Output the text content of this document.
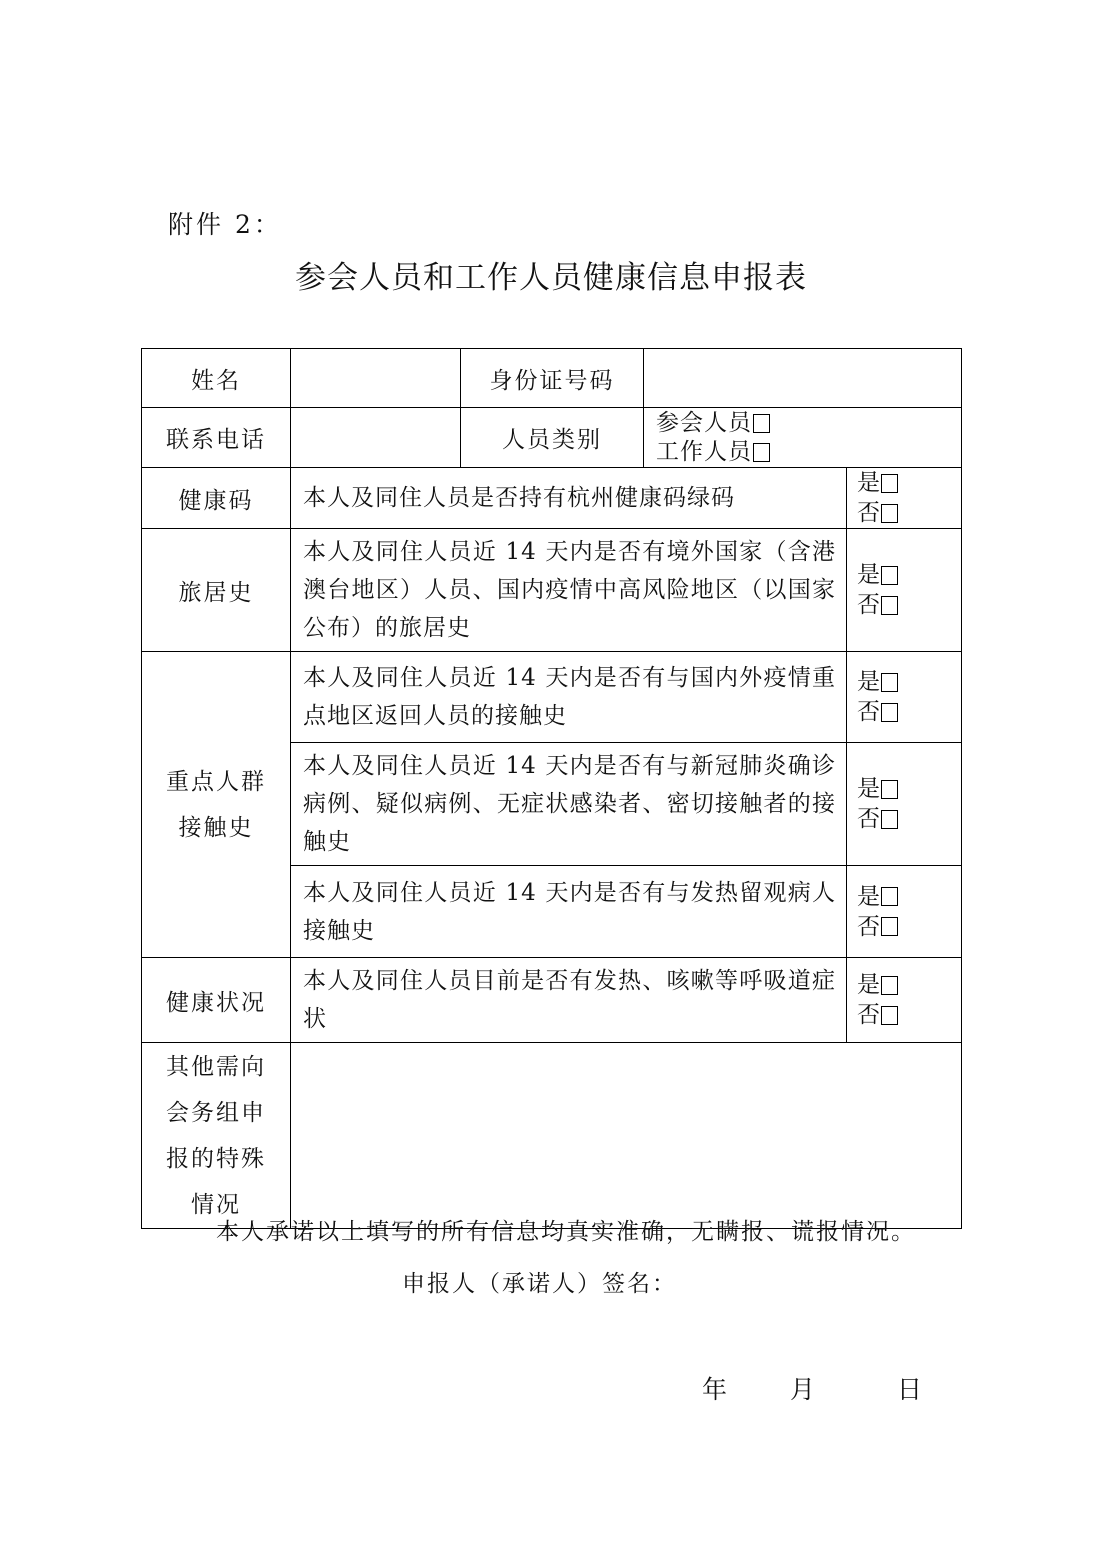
附件 2：
参会人员和工作人员健康信息申报表
姓名		身份证号码		
联系电话		人员类别	参会人员
工作人员	

健康码	本人及同住人员是否持有杭州健康码绿码			是
否

旅居史	本人及同住人员近 14 天内是否有境外国家（含港澳台地区）人员、国内疫情中高风险地区（以国家公布）的旅居史			是
否

重点人群
接触史
	本人及同住人员近 14 天内是否有与国内外疫情重点地区返回人员的接触史	
是
否

	本人及同住人员近 14 天内是否有与新冠肺炎确诊病例、疑似病例、无症状感染者、密切接触者的接触史			是
否

	本人及同住人员近 14 天内是否有与发热留观病人接触史			是
否

健康状况	本人及同住人员目前是否有发热、咳嗽等呼吸道症状			是
否

其他需向
会务组申
报的特殊
情况				

本人承诺以上填写的所有信息均真实准确，无瞒报、谎报情况。
申报人（承诺人）签名：
年	月	日
